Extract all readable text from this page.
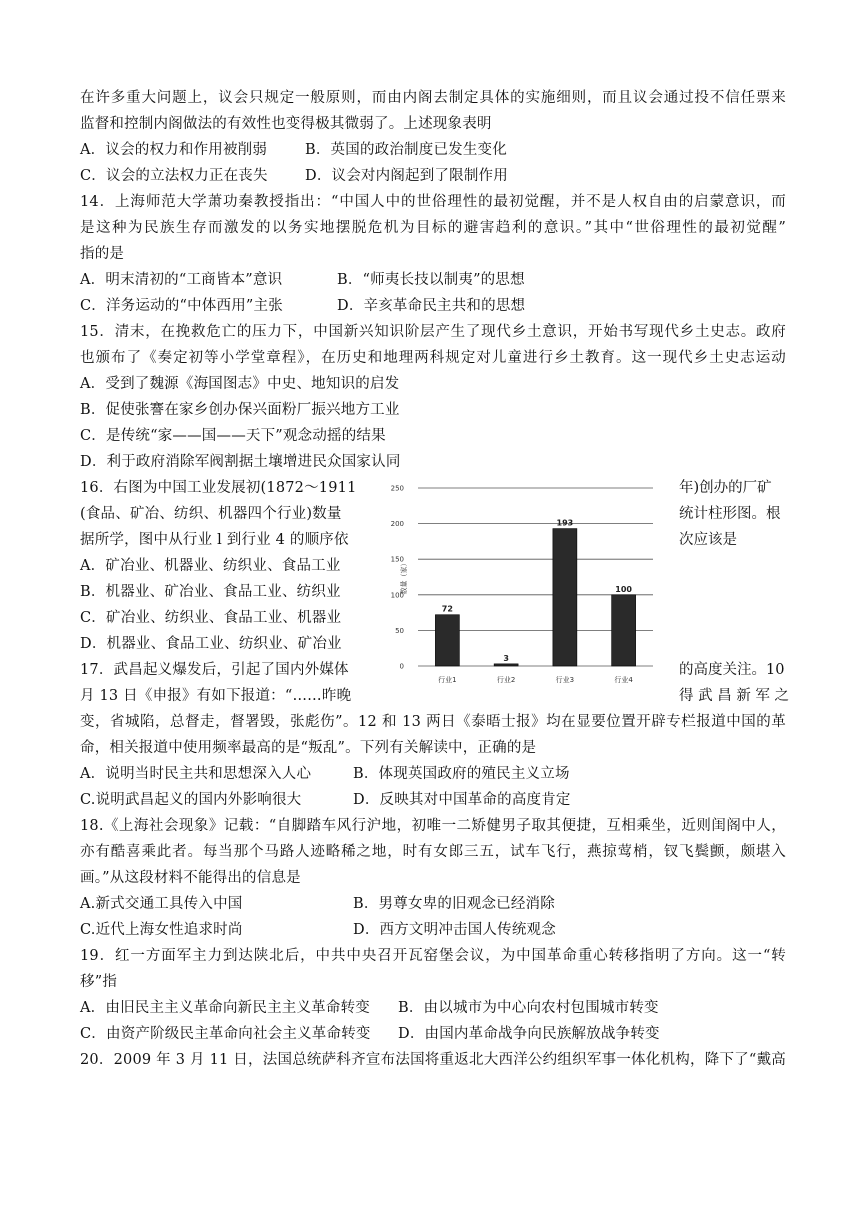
在许多重大问题上，议会只规定一般原则，而由内阁去制定具体的实施细则，而且议会通过投不信任票来
监督和控制内阁做法的有效性也变得极其微弱了。上述现象表明
A．议会的权力和作用被削弱	B．英国的政治制度已发生变化
C．议会的立法权力正在丧失	D．议会对内阁起到了限制作用
14．上海师范大学萧功秦教授指出：“中国人中的世俗理性的最初觉醒，并不是人权自由的启蒙意识，而
是这种为民族生存而激发的以务实地摆脱危机为目标的避害趋利的意识。”其中“世俗理性的最初觉醒”
指的是
A．明末清初的“工商皆本”意识	B．“师夷长技以制夷”的思想
C．洋务运动的“中体西用”主张	D．辛亥革命民主共和的思想
15．清末，在挽救危亡的压力下，中国新兴知识阶层产生了现代乡土意识，开始书写现代乡土史志。政府
也颁布了《奏定初等小学堂章程》，在历史和地理两科规定对儿童进行乡土教育。这一现代乡土史志运动
A．受到了魏源《海国图志》中史、地知识的启发
B．促使张謇在家乡创办保兴面粉厂振兴地方工业
C．是传统“家——国——天下”观念动摇的结果
D．利于政府消除军阀割据土壤增进民众国家认同
16．右图为中国工业发展初(1872～1911	年)创办的厂矿
(食品、矿冶、纺织、机器四个行业)数量	统计柱形图。根
据所学，图中从行业 l 到行业 4 的顺序依	次应该是
A．矿冶业、机器业、纺织业、食品工业
B．机器业、矿冶业、食品工业、纺织业
C．矿冶业、纺织业、食品工业、机器业
D．机器业、食品工业、纺织业、矿冶业
17．武昌起义爆发后，引起了国内外媒体	的高度关注。10
月 13 日《申报》有如下报道：“……昨晚	得 武 昌 新 军 之
变，省城陷，总督走，督署毁，张彪伤”。12 和 13 两日《泰晤士报》均在显要位置开辟专栏报道中国的革
命，相关报道中使用频率最高的是“叛乱”。下列有关解读中，正确的是
A．说明当时民主共和思想深入人心	B．体现英国政府的殖民主义立场
C.说明武昌起义的国内外影响很大	D．反映其对中国革命的高度肯定
18.《上海社会现象》记载：“自脚踏车风行沪地，初唯一二矫健男子取其便捷，互相乘坐，近则闺阁中人，
亦有酷喜乘此者。每当那个马路人迹略稀之地，时有女郎三五，试车飞行，燕掠莺梢，钗飞鬓颤，颇堪入
画。”从这段材料不能得出的信息是
A.新式交通工具传入中国	B．男尊女卑的旧观念已经消除
C.近代上海女性追求时尚	D．西方文明冲击国人传统观念
19．红一方面军主力到达陕北后，中共中央召开瓦窑堡会议，为中国革命重心转移指明了方向。这一“转
移”指
A．由旧民主主义革命向新民主主义革命转变 B．由以城市为中心向农村包围城市转变
C．由资产阶级民主革命向社会主义革命转变 D．由国内革命战争向民族解放战争转变
20．2009 年 3 月 11 日，法国总统萨科齐宣布法国将重返北大西洋公约组织军事一体化机构，降下了“戴高
0
50
100
150
200
250
72
3
193
100
行业1	行业2	行业3	行业4
数量（家）
